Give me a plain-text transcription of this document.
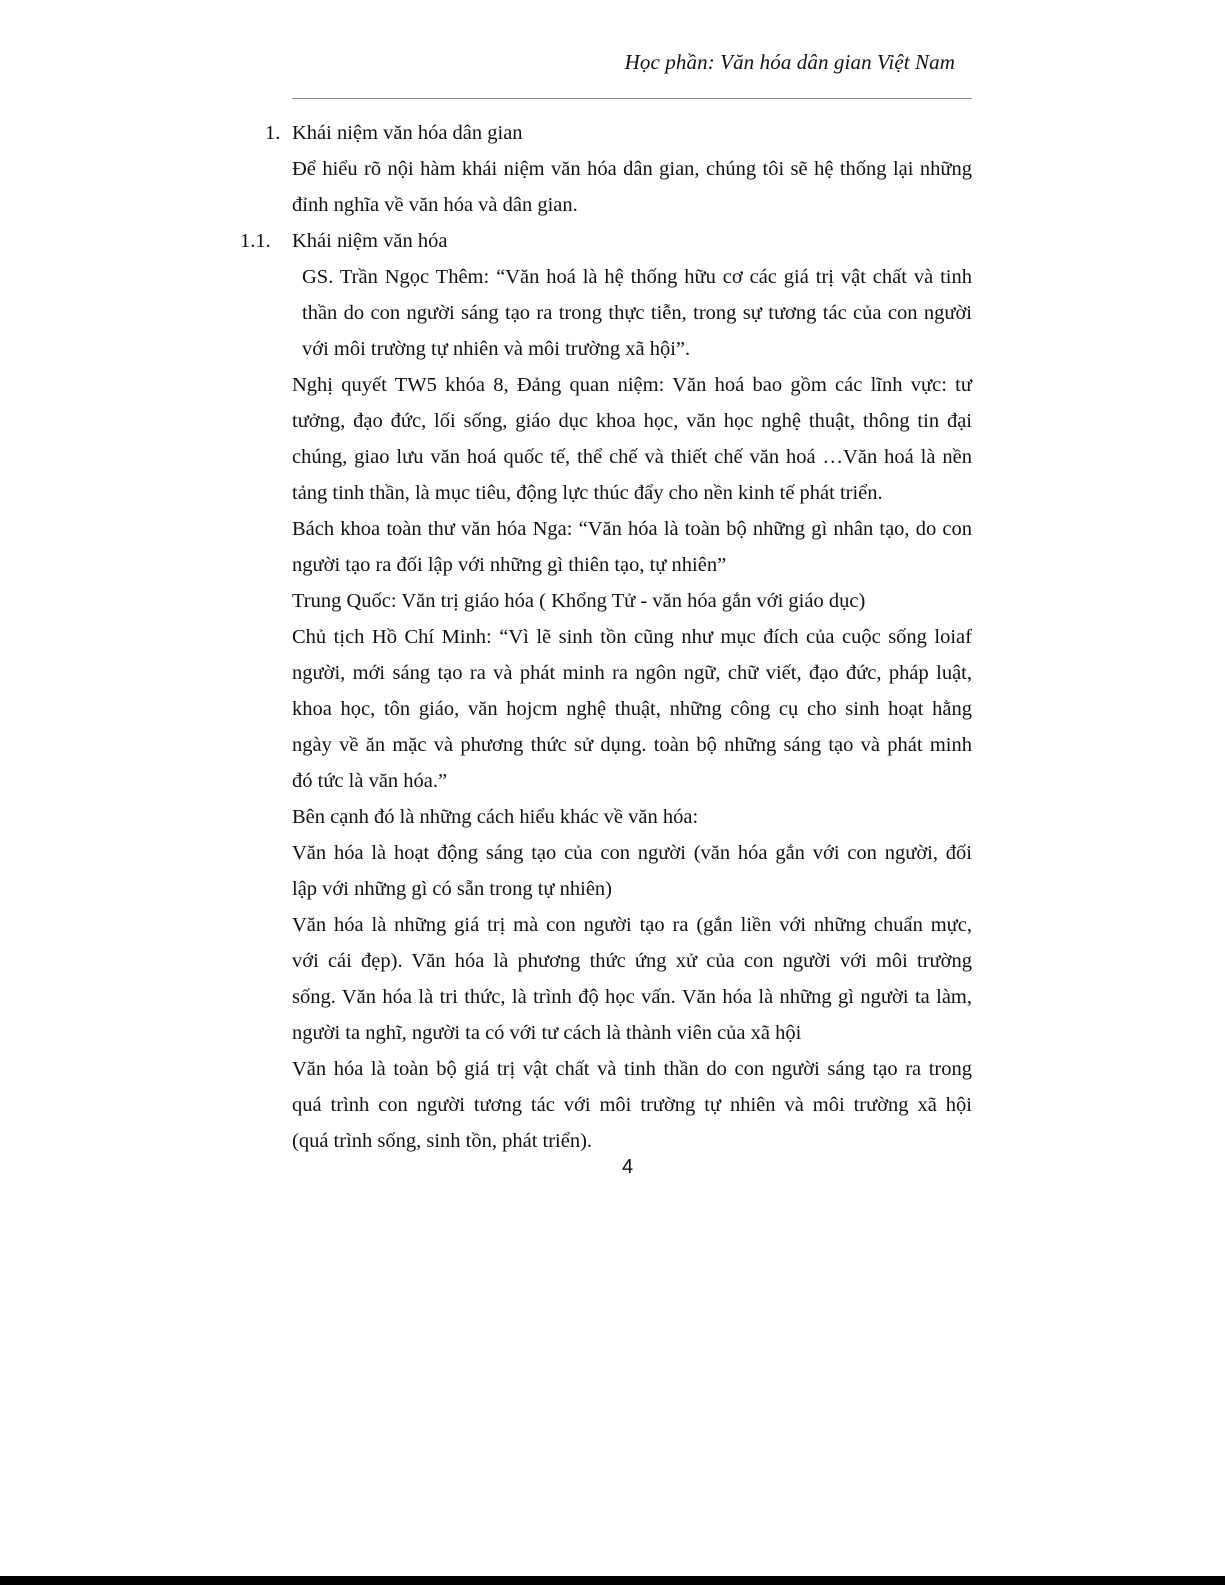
Học phần: Văn hóa dân gian Việt Nam
1. Khái niệm văn hóa dân gian
Để hiểu rõ nội hàm khái niệm văn hóa dân gian, chúng tôi sẽ hệ thống lại những
đỉnh nghĩa về văn hóa và dân gian.
1.1. Khái niệm văn hóa
GS. Trần Ngọc Thêm: “Văn hoá là hệ thống hữu cơ các giá trị vật chất và tinh
thần do con người sáng tạo ra trong thực tiễn, trong sự tương tác của con người
với môi trường tự nhiên và môi trường xã hội”.
Nghị quyết TW5 khóa 8, Đảng quan niệm: Văn hoá bao gồm các lĩnh vực: tư
tưởng, đạo đức, lối sống, giáo dục khoa học, văn học nghệ thuật, thông tin đại
chúng, giao lưu văn hoá quốc tế, thể chế và thiết chế văn hoá …Văn hoá là nền
tảng tinh thần, là mục tiêu, động lực thúc đẩy cho nền kinh tế phát triển.
Bách khoa toàn thư văn hóa Nga: “Văn hóa là toàn bộ những gì nhân tạo, do con
người tạo ra đối lập với những gì thiên tạo, tự nhiên”
Trung Quốc: Văn trị giáo hóa ( Khổng Tử - văn hóa gắn với giáo dục)
Chủ tịch Hồ Chí Minh: “Vì lẽ sinh tồn cũng như mục đích của cuộc sống loiaf
người, mới sáng tạo ra và phát minh ra ngôn ngữ, chữ viết, đạo đức, pháp luật,
khoa học, tôn giáo, văn hojcm nghệ thuật, những công cụ cho sinh hoạt hằng
ngày về ăn mặc và phương thức sử dụng. toàn bộ những sáng tạo và phát minh
đó tức là văn hóa.”
Bên cạnh đó là những cách hiểu khác về văn hóa:
Văn hóa là hoạt động sáng tạo của con người (văn hóa gắn với con người, đối
lập với những gì có sẵn trong tự nhiên)
Văn hóa là những giá trị mà con người tạo ra (gắn liền với những chuẩn mực,
với cái đẹp). Văn hóa là phương thức ứng xử của con người với môi trường
sống. Văn hóa là tri thức, là trình độ học vấn. Văn hóa là những gì người ta làm,
người ta nghĩ, người ta có với tư cách là thành viên của xã hội
Văn hóa là toàn bộ giá trị vật chất và tinh thần do con người sáng tạo ra trong
quá trình con người tương tác với môi trường tự nhiên và môi trường xã hội
(quá trình sống, sinh tồn, phát triển).
4
